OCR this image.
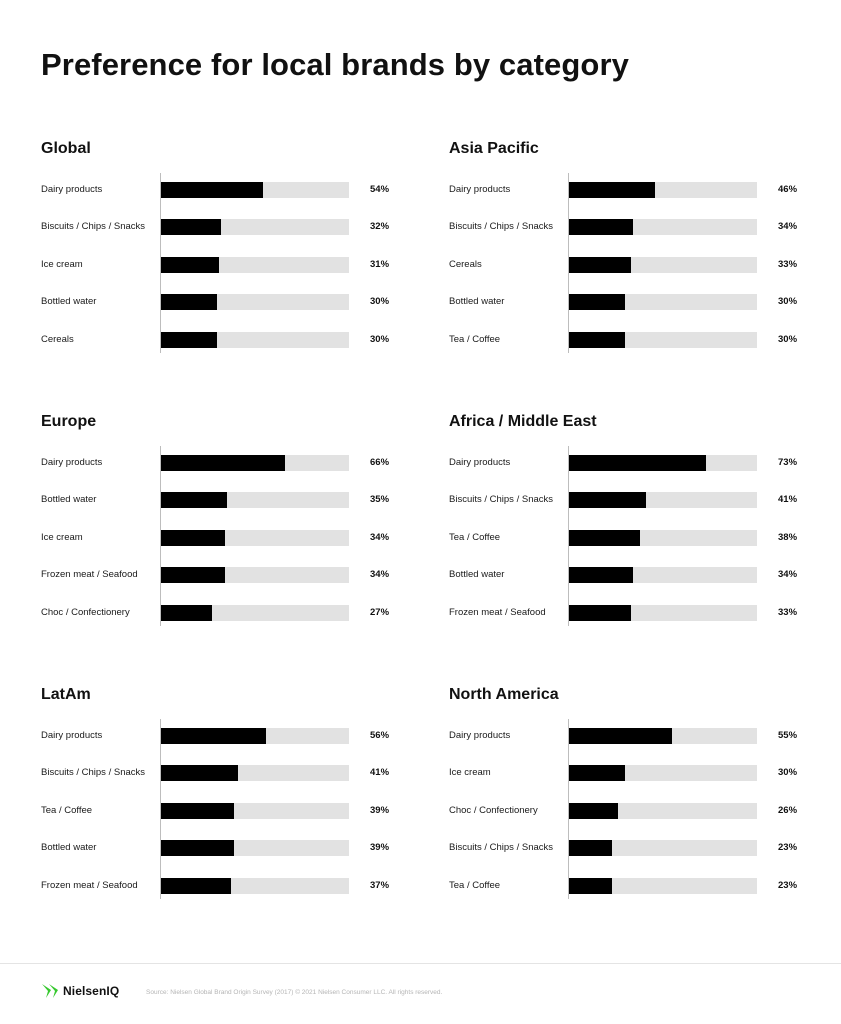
Preference for local brands by category
Global
Dairy products	54%
Biscuits / Chips / Snacks	32%
Ice cream	31%
Bottled water	30%
Cereals	30%
Asia Pacific
Dairy products	46%
Biscuits / Chips / Snacks	34%
Cereals	33%
Bottled water	30%
Tea / Coffee	30%
Europe
Dairy products	66%
Bottled water	35%
Ice cream	34%
Frozen meat / Seafood	34%
Choc / Confectionery	27%
Africa / Middle East
Dairy products	73%
Biscuits / Chips / Snacks	41%
Tea / Coffee	38%
Bottled water	34%
Frozen meat / Seafood	33%
LatAm
Dairy products	56%
Biscuits / Chips / Snacks	41%
Tea / Coffee	39%
Bottled water	39%
Frozen meat / Seafood	37%
North America
Dairy products	55%
Ice cream	30%
Choc / Confectionery	26%
Biscuits / Chips / Snacks	23%
Tea / Coffee	23%
NielsenIQ	Source: Nielsen Global Brand Origin Survey (2017) © 2021 Nielsen Consumer LLC. All rights reserved.
